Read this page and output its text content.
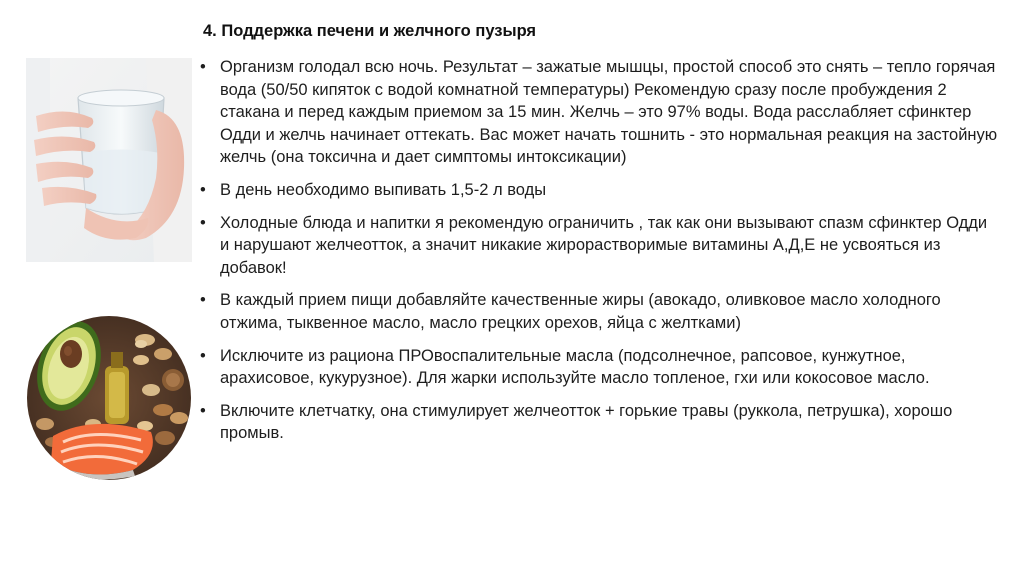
4. Поддержка печени и желчного пузыря
• Организм голодал всю ночь. Результат – зажатые мышцы, простой способ это снять – тепло горячая вода (50/50 кипяток с водой комнатной температуры) Рекомендую сразу после пробуждения 2 стакана и перед каждым приемом за 15 мин. Желчь – это 97% воды. Вода расслабляет сфинктер Одди и желчь начинает оттекать. Вас может начать тошнить - это нормальная реакция на застойную желчь (она токсична и дает симптомы интоксикации)
• В день необходимо выпивать 1,5-2 л воды
• Холодные блюда и напитки я рекомендую ограничить , так как они вызывают спазм сфинктер Одди и нарушают желчеотток, а значит никакие жирорастворимые витамины А,Д,Е не усвояться из добавок!
• В каждый прием пищи добавляйте качественные жиры (авокадо, оливковое масло холодного отжима, тыквенное масло, масло грецких орехов, яйца с желтками)
• Исключите из рациона ПРОвоспалительные масла (подсолнечное, рапсовое, кунжутное, арахисовое, кукурузное). Для жарки используйте масло топленое, гхи или кокосовое масло.
• Включите клетчатку, она стимулирует желчеотток + горькие травы (руккола, петрушка), хорошо промыв.
